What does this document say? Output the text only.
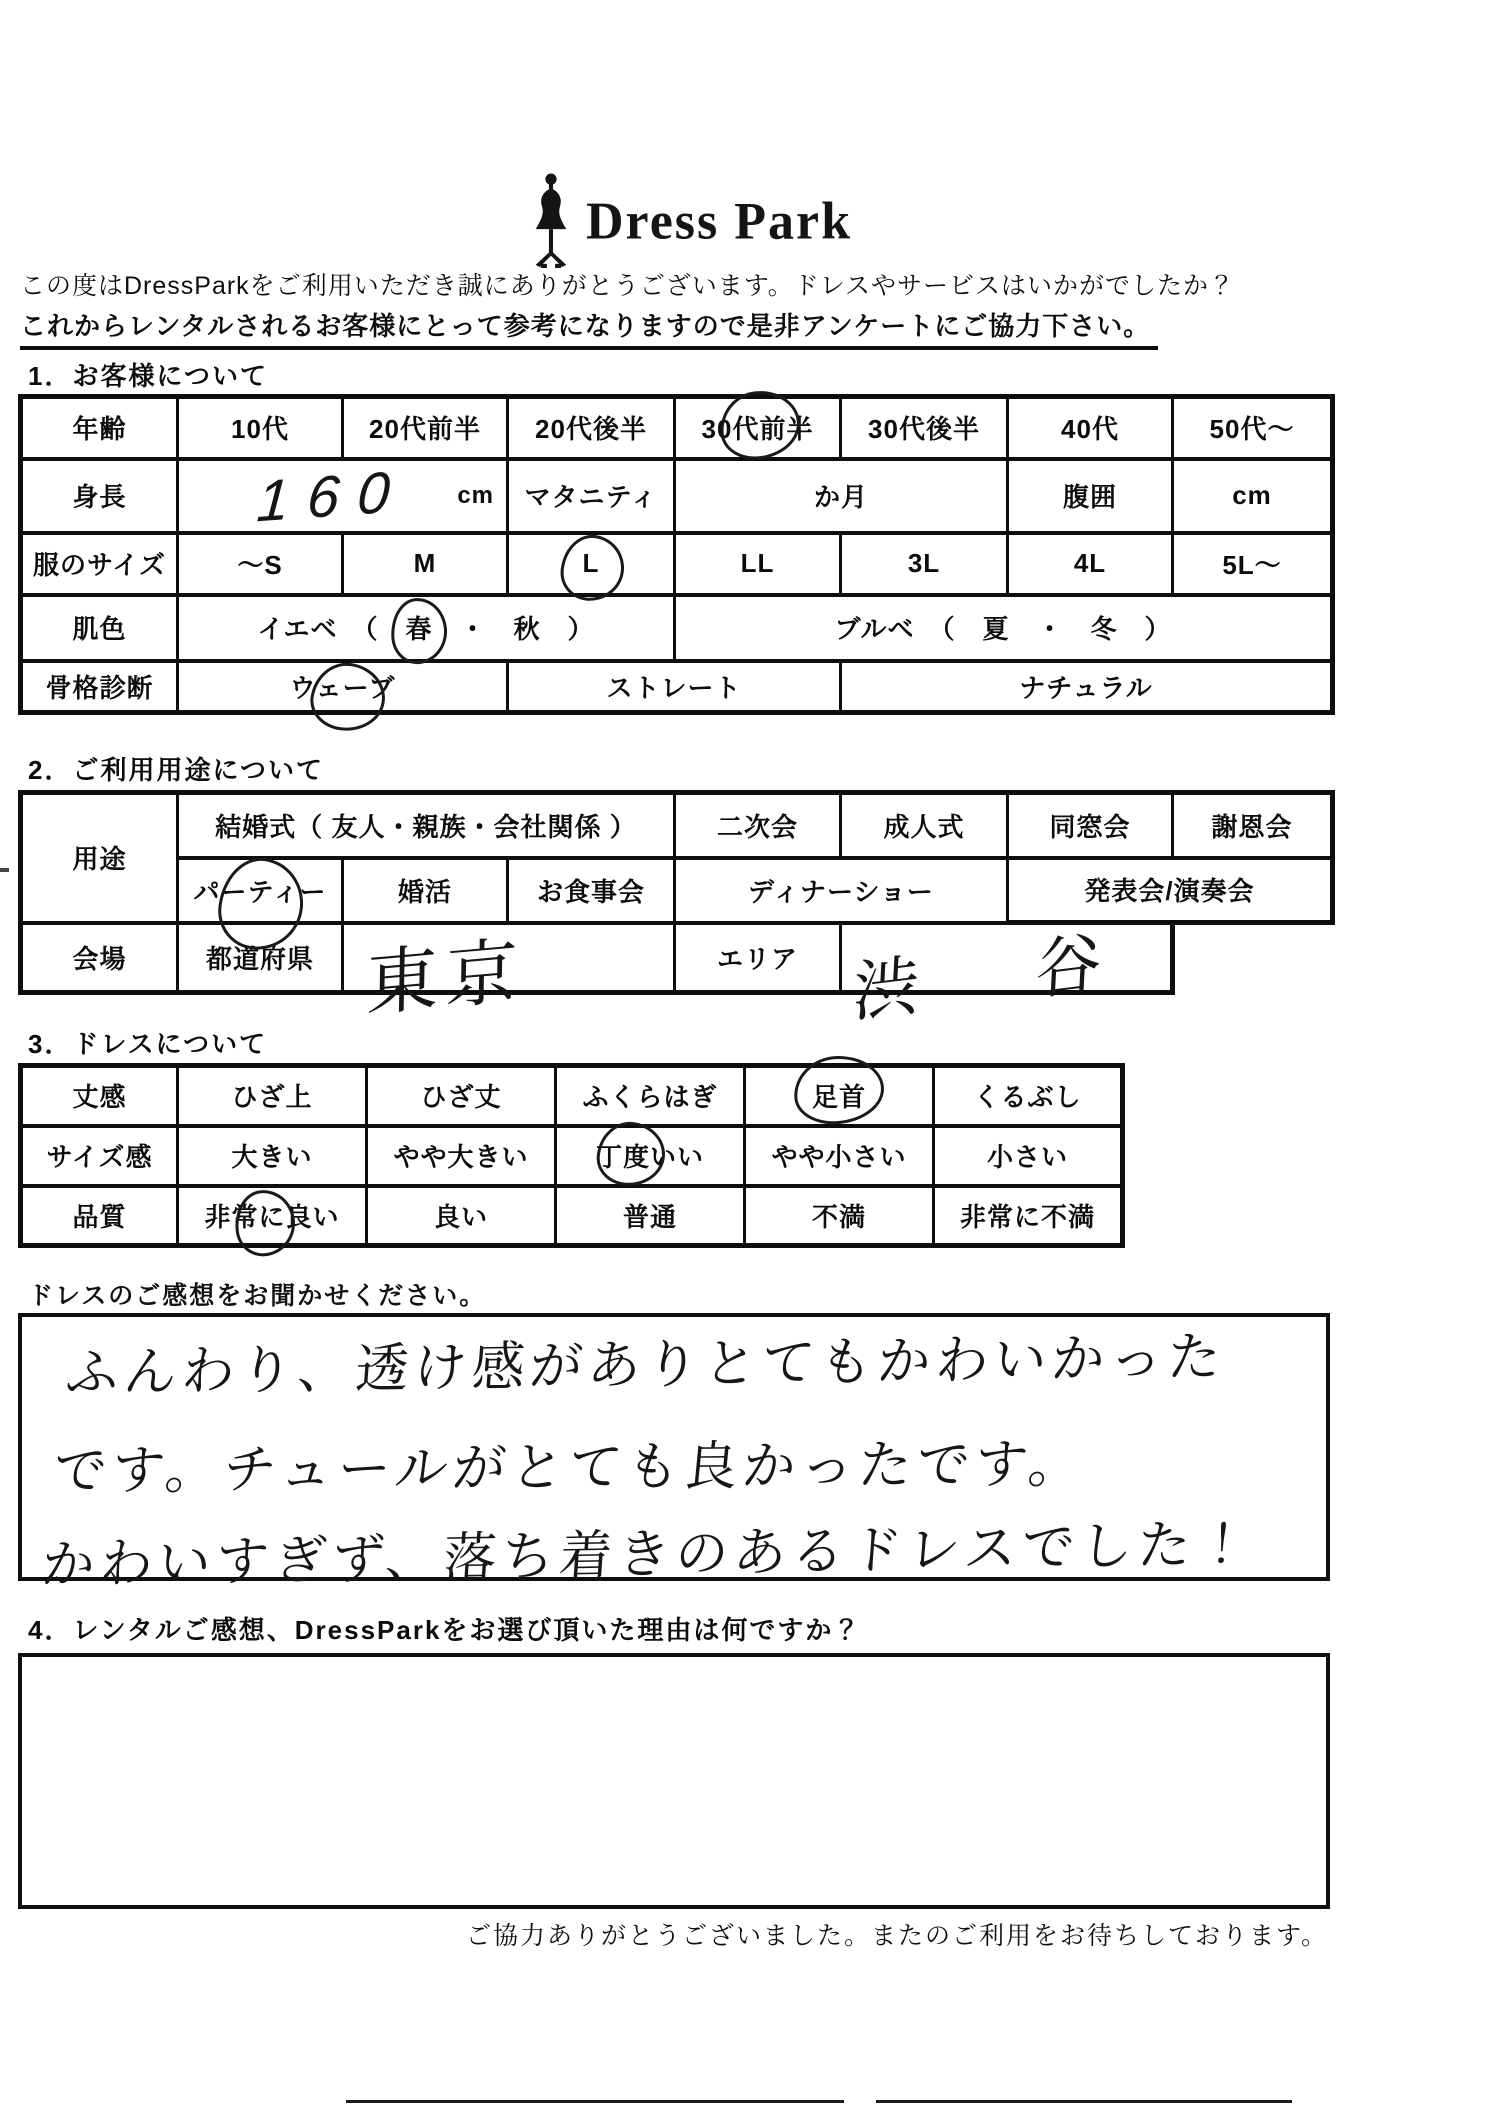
Dress Park
この度はDressParkをご利用いただき誠にありがとうございます。ドレスやサービスはいかがでしたか？
これからレンタルされるお客様にとって参考になりますので是非アンケートにご協力下さい。
1．お客様について
年齢	10代	20代前半	20代後半	30代前半	30代後半	40代	50代～
身長	160 cm		マタニティ	か月		腹囲	cm
服のサイズ	～S	M	L	LL	3L	4L	5L～
肌色	イエベ　（　春　・　秋　）			ブルベ　（　夏　・　冬　）			
骨格診断	ウェーブ		ストレート		ナチュラル		
2．ご利用用途について
用途	結婚式（ 友人・親族・会社関係 ）			二次会	成人式	同窓会	謝恩会
	パーティー	婚活	お食事会	ディナーショー		発表会/演奏会	
会場	都道府県	東京		エリア	渋谷		

3．ドレスについて
丈感	ひざ上	ひざ丈	ふくらはぎ	足首	くるぶし
サイズ感	大きい	やや大きい	丁度いい	やや小さい	小さい
品質	非常に良い	良い	普通	不満	非常に不満
ドレスのご感想をお聞かせください。
ふんわり、透け感がありとてもかわいかった
です。チュールがとても良かったです。
かわいすぎず、落ち着きのあるドレスでした！
4．レンタルご感想、DressParkをお選び頂いた理由は何ですか？
ご協力ありがとうございました。またのご利用をお待ちしております。
